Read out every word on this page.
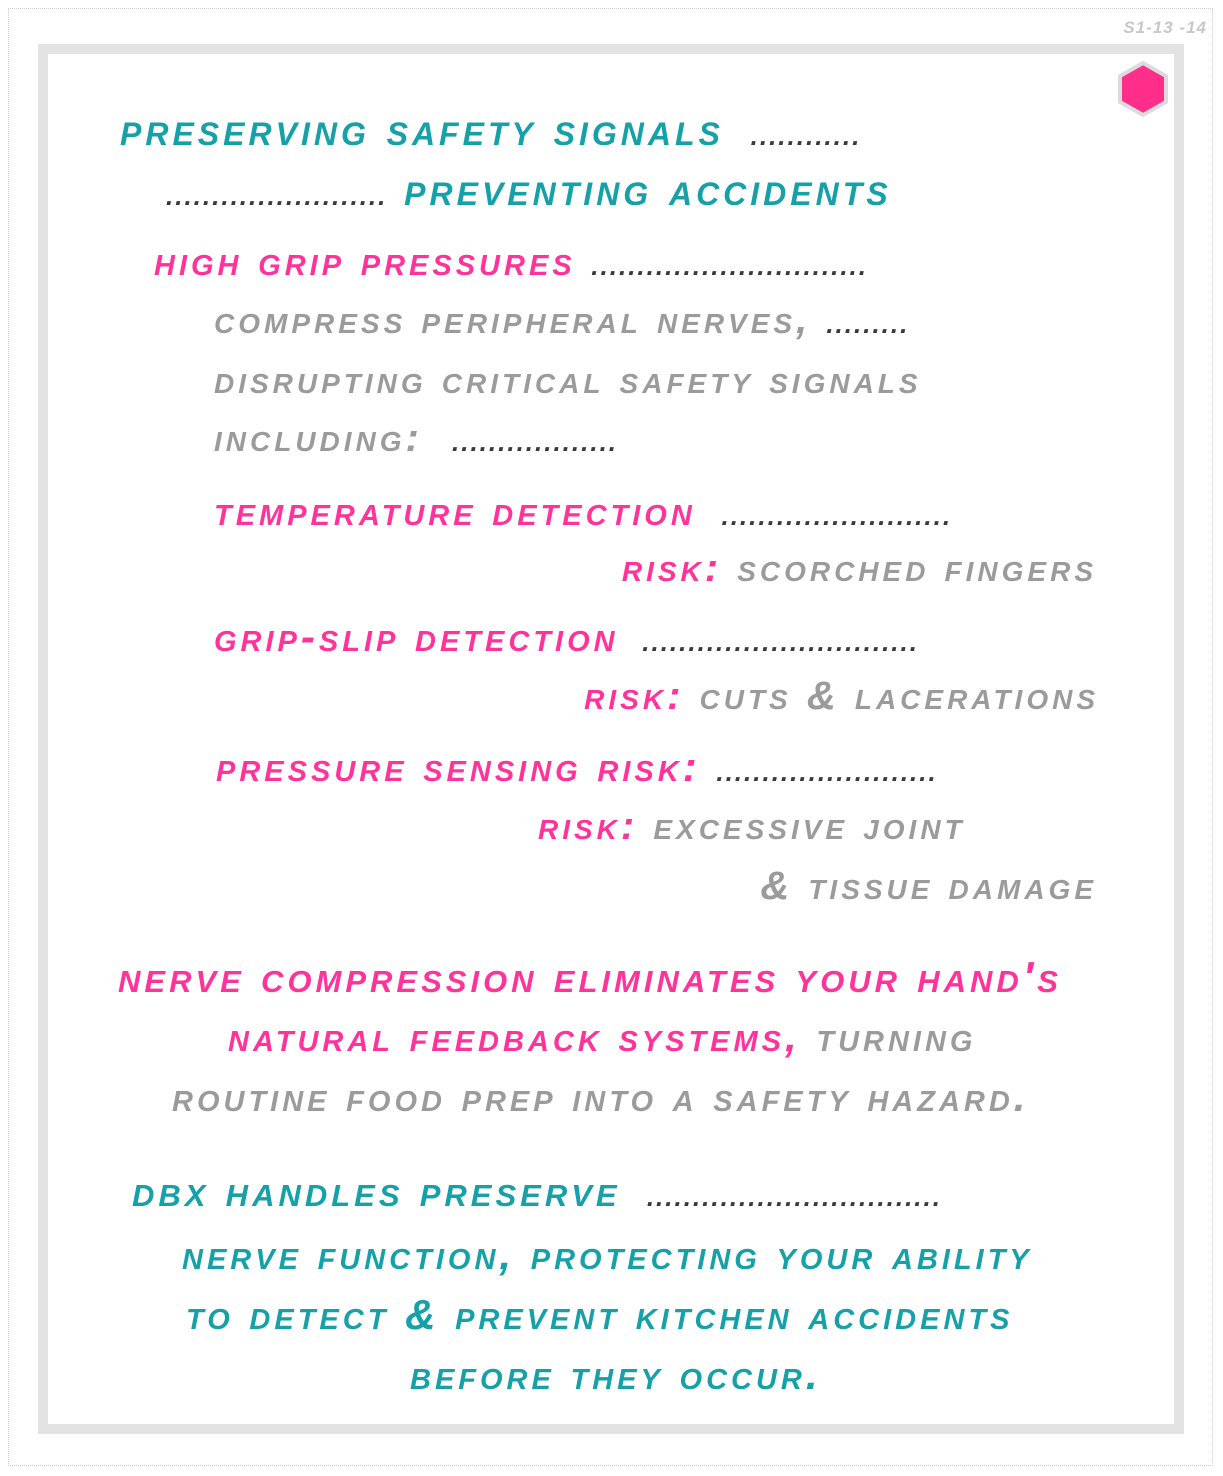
S1-13 -14
preserving safety signals ............
........................ preventing accidents
high grip pressures ..............................
compress peripheral nerves, .........
disrupting critical safety signals
including: ..................
temperature detection .........................
risk: scorched fingers
grip-slip detection ..............................
risk: cuts & lacerations
pressure sensing risk: ........................
risk: excessive joint
& tissue damage
nerve compression eliminates your hand's
natural feedback systems, turning
routine food prep into a safety hazard.
dbx handles preserve ................................
nerve function, protecting your ability
to detect & prevent kitchen accidents
before they occur.
